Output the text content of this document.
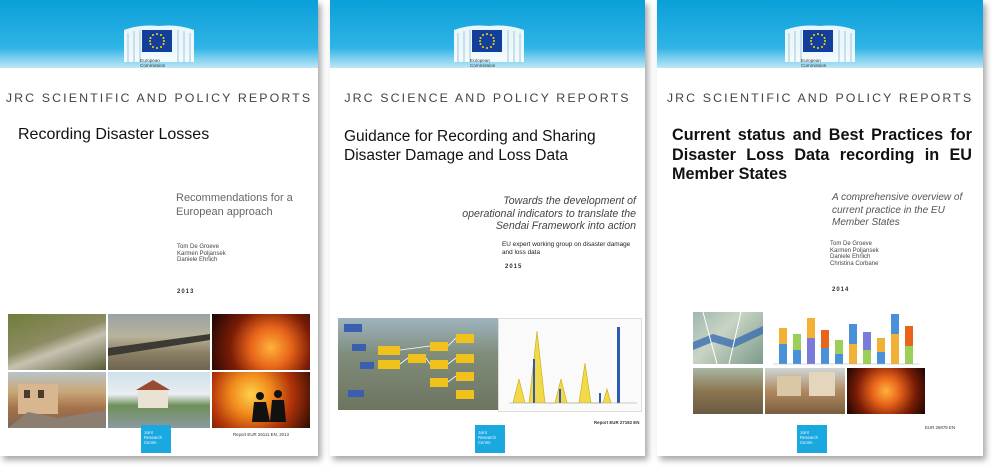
European
Commission
JRC SCIENTIFIC AND POLICY REPORTS
Recording Disaster Losses
Recommendations for a European approach
Tom De Groeve
Karmen Poljansek
Daniele Ehrlich
2013
Report EUR 26111 EN, 2013
Joint
Research
Centre
European
Commission
JRC SCIENCE AND POLICY REPORTS
Guidance for Recording and Sharing
Disaster Damage and Loss Data
Towards the development of operational indicators to translate the Sendai Framework into action
EU expert working group on disaster damage and loss data
2015
Report EUR 27192 EN
Joint
Research
Centre
European
Commission
JRC SCIENTIFIC AND POLICY REPORTS
Current status and Best Practices for Disaster Loss Data recording in EU Member States
A comprehensive overview of current practice in the EU Member States
Tom De Groeve
Karmen Poljansek
Daniele Ehrlich
Christina Corbane
2014
EUR 26879 EN
Joint
Research
Centre
